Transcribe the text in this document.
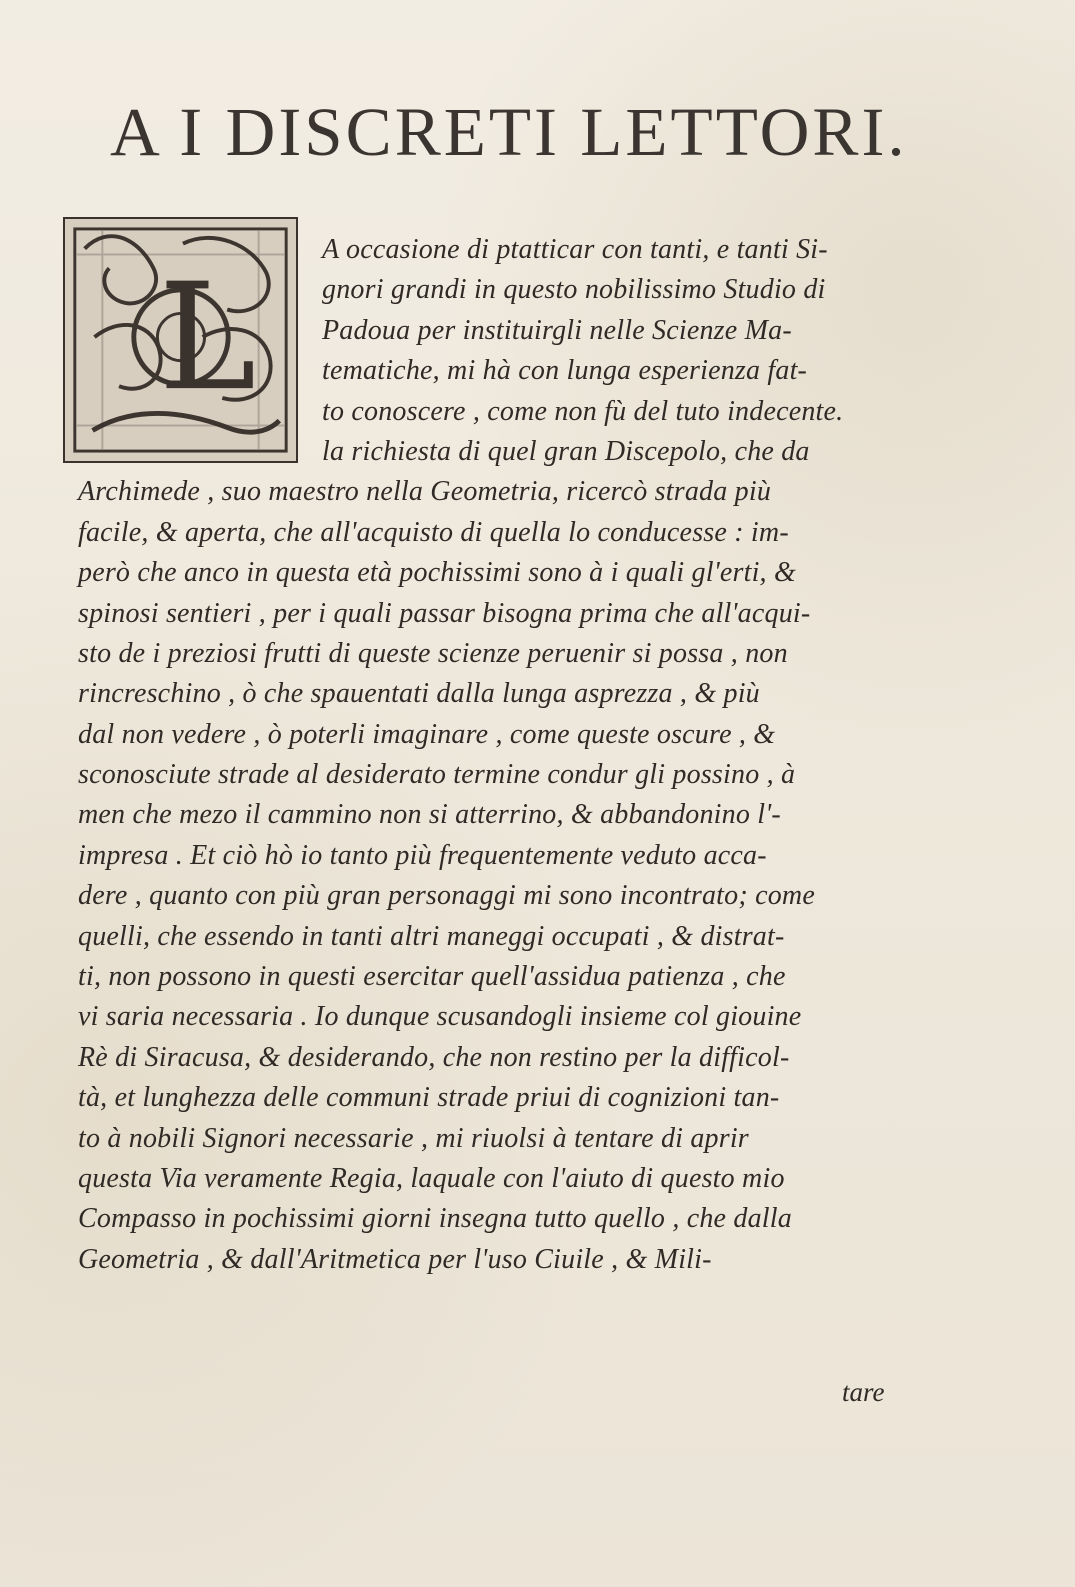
A I DISCRETI LETTORI.
L
A occasione di ptatticar con tanti, e tanti Si-
gnori grandi in questo nobilissimo Studio di
Padoua per instituirgli nelle Scienze Ma-
tematiche, mi hà con lunga esperienza fat-
to conoscere , come non fù del tuto indecente.
la richiesta di quel gran Discepolo, che da
Archimede , suo maestro nella Geometria, ricercò strada più
facile, & aperta, che all'acquisto di quella lo conducesse : im-
però che anco in questa età pochissimi sono à i quali gl'erti, &
spinosi sentieri , per i quali passar bisogna prima che all'acqui-
sto de i preziosi frutti di queste scienze peruenir si possa , non
rincreschino , ò che spauentati dalla lunga asprezza , & più
dal non vedere , ò poterli imaginare , come queste oscure , &
sconosciute strade al desiderato termine condur gli possino , à
men che mezo il cammino non si atterrino, & abbandonino l'-
impresa . Et ciò hò io tanto più frequentemente veduto acca-
dere , quanto con più gran personaggi mi sono incontrato; come
quelli, che essendo in tanti altri maneggi occupati , & distrat-
ti, non possono in questi esercitar quell'assidua patienza , che
vi saria necessaria . Io dunque scusandogli insieme col giouine
Rè di Siracusa, & desiderando, che non restino per la difficol-
tà, et lunghezza delle communi strade priui di cognizioni tan-
to à nobili Signori necessarie , mi riuolsi à tentare di aprir
questa Via veramente Regia, laquale con l'aiuto di questo mio
Compasso in pochissimi giorni insegna tutto quello , che dalla
Geometria , & dall'Aritmetica per l'uso Ciuile , & Mili-
tare
